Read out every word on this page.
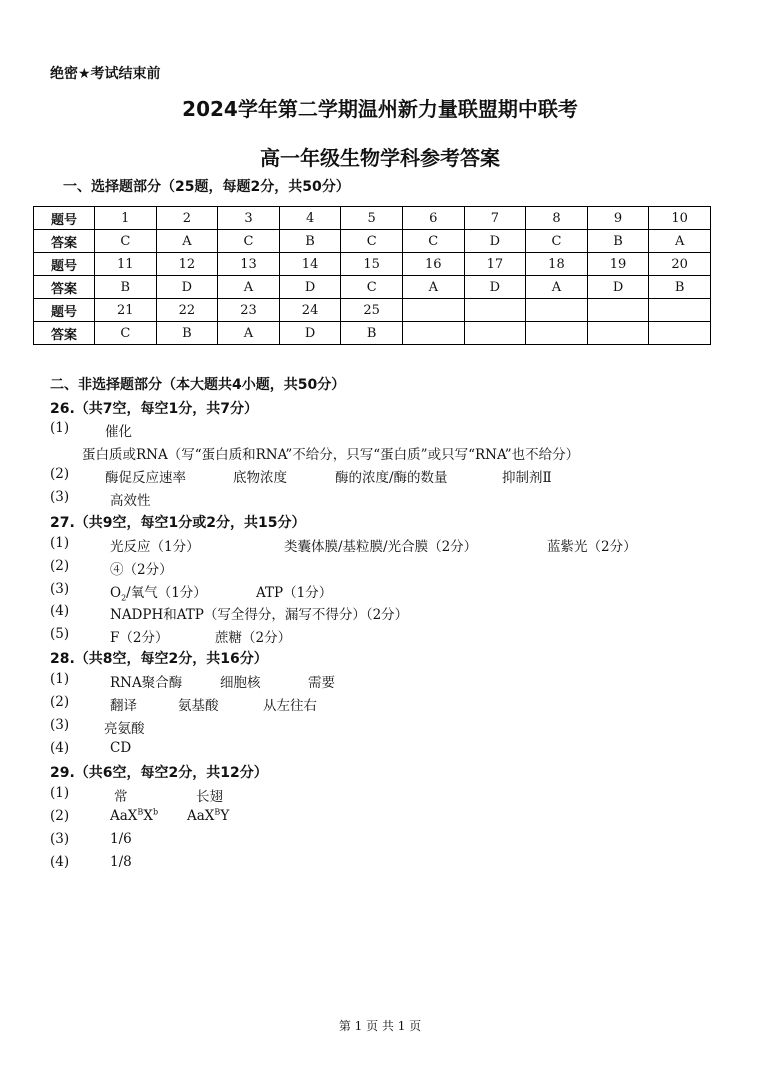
绝密★考试结束前
2024学年第二学期温州新力量联盟期中联考
高一年级生物学科参考答案
一、选择题部分（25题，每题2分，共50分）
题号	1	2	3	4	5	6	7	8	9	10
答案	C	A	C	B	C	C	D	C	B	A
题号	11	12	13	14	15	16	17	18	19	20
答案	B	D	A	D	C	A	D	A	D	B
题号	21	22	23	24	25					
答案	C	B	A	D	B					
二、非选择题部分（本大题共4小题，共50分）
26.（共7空，每空1分，共7分）
(1)	催化
蛋白质或RNA（写“蛋白质和RNA”不给分，只写“蛋白质”或只写“RNA”也不给分）
(2)	酶促反应速率	底物浓度	酶的浓度/酶的数量	抑制剂Ⅱ
(3)	高效性
27.（共9空，每空1分或2分，共15分）
(1)	光反应（1分）	类囊体膜/基粒膜/光合膜（2分）	蓝紫光（2分）
(2)	④（2分）
(3)	$O_2/$氧气（1分）	ATP（1分）
(4)	NADPH和ATP（写全得分，漏写不得分）（2分）
(5)	F（2分）	蔗糖（2分）
28.（共8空，每空2分，共16分）
(1)	RNA聚合酶	细胞核	需要
(2)	翻译	氨基酸	从左往右
(3)	亮氨酸
(4)	CD
29.（共6空，每空2分，共12分）
(1)	常	长翅
(2)	$AaX^BX^b$ AaX$^B$Y
(3)	1/6
(4)	1/8
第 1 页 共 1 页
